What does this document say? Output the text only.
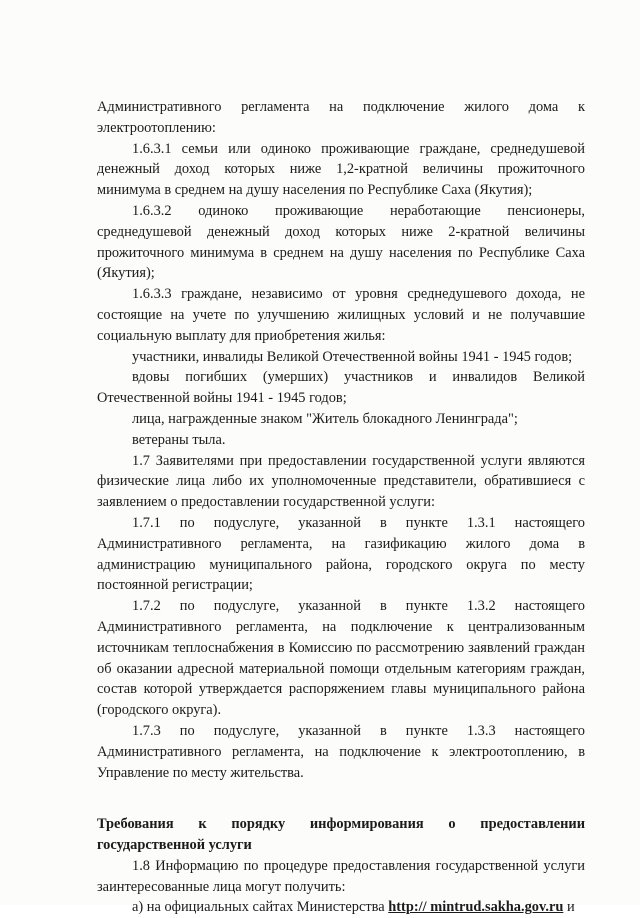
Административного регламента на подключение жилого дома к электроотоплению:

1.6.3.1 семьи или одиноко проживающие граждане, среднедушевой денежный доход которых ниже 1,2-кратной величины прожиточного минимума в среднем на душу населения по Республике Саха (Якутия);

1.6.3.2 одиноко проживающие неработающие пенсионеры, среднедушевой денежный доход которых ниже 2-кратной величины прожиточного минимума в среднем на душу населения по Республике Саха (Якутия);

1.6.3.3 граждане, независимо от уровня среднедушевого дохода, не состоящие на учете по улучшению жилищных условий и не получавшие социальную выплату для приобретения жилья:

участники, инвалиды Великой Отечественной войны 1941 - 1945 годов;

вдовы погибших (умерших) участников и инвалидов Великой Отечественной войны 1941 - 1945 годов;

лица, награжденные знаком "Житель блокадного Ленинграда";

ветераны тыла.

1.7 Заявителями при предоставлении государственной услуги являются физические лица либо их уполномоченные представители, обратившиеся с заявлением о предоставлении государственной услуги:

1.7.1 по подуслуге, указанной в пункте 1.3.1 настоящего Административного регламента, на газификацию жилого дома в администрацию муниципального района, городского округа по месту постоянной регистрации;

1.7.2 по подуслуге, указанной в пункте 1.3.2 настоящего Административного регламента, на подключение к централизованным источникам теплоснабжения в Комиссию по рассмотрению заявлений граждан об оказании адресной материальной помощи отдельным категориям граждан, состав которой утверждается распоряжением главы муниципального района (городского округа).

1.7.3 по подуслуге, указанной в пункте 1.3.3 настоящего Административного регламента, на подключение к электроотоплению, в Управление по месту жительства.

Требования к порядку информирования о предоставлении государственной услуги

1.8 Информацию по процедуре предоставления государственной услуги заинтересованные лица могут получить:

а) на официальных сайтах Министерства http:// mintrud.sakha.gov.ru и
